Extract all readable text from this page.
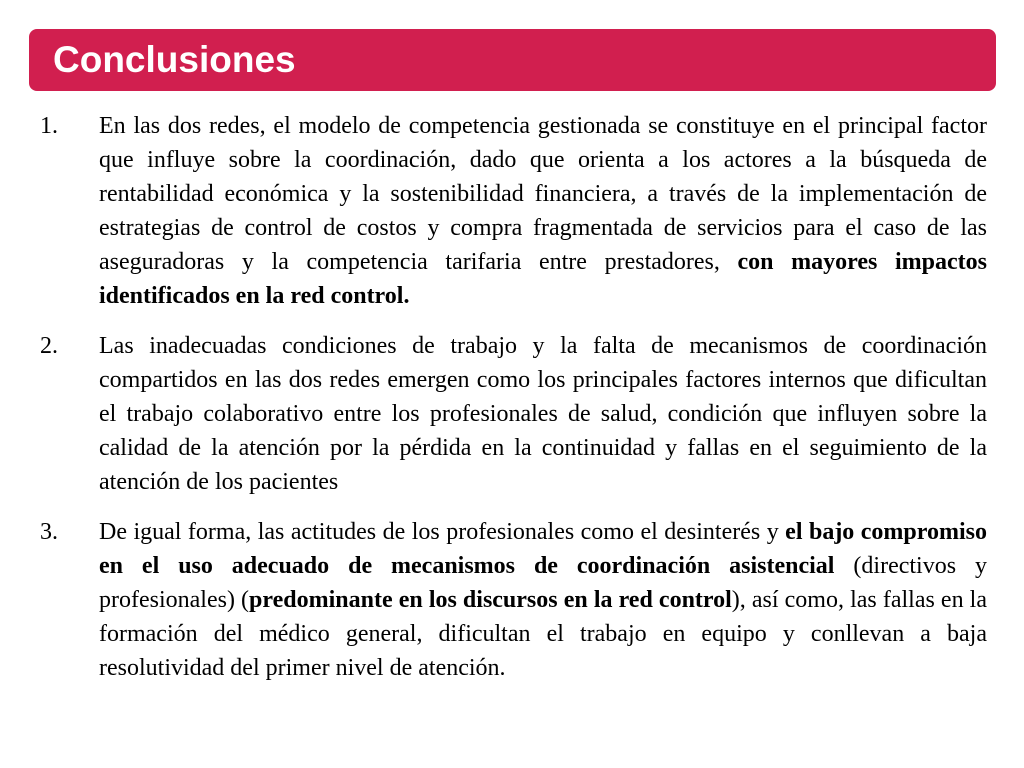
Conclusiones
1. En las dos redes, el modelo de competencia gestionada se constituye en el principal factor que influye sobre la coordinación, dado que orienta a los actores a la búsqueda de rentabilidad económica y la sostenibilidad financiera, a través de la implementación de estrategias de control de costos y compra fragmentada de servicios para el caso de las aseguradoras y la competencia tarifaria entre prestadores, con mayores impactos identificados en la red control.
2. Las inadecuadas condiciones de trabajo y la falta de mecanismos de coordinación compartidos en las dos redes emergen como los principales factores internos que dificultan el trabajo colaborativo entre los profesionales de salud, condición que influyen sobre la calidad de la atención por la pérdida en la continuidad y fallas en el seguimiento de la atención de los pacientes
3. De igual forma, las actitudes de los profesionales como el desinterés y el bajo compromiso en el uso adecuado de mecanismos de coordinación asistencial (directivos y profesionales) (predominante en los discursos en la red control), así como, las fallas en la formación del médico general, dificultan el trabajo en equipo y conllevan a baja resolutividad del primer nivel de atención.
